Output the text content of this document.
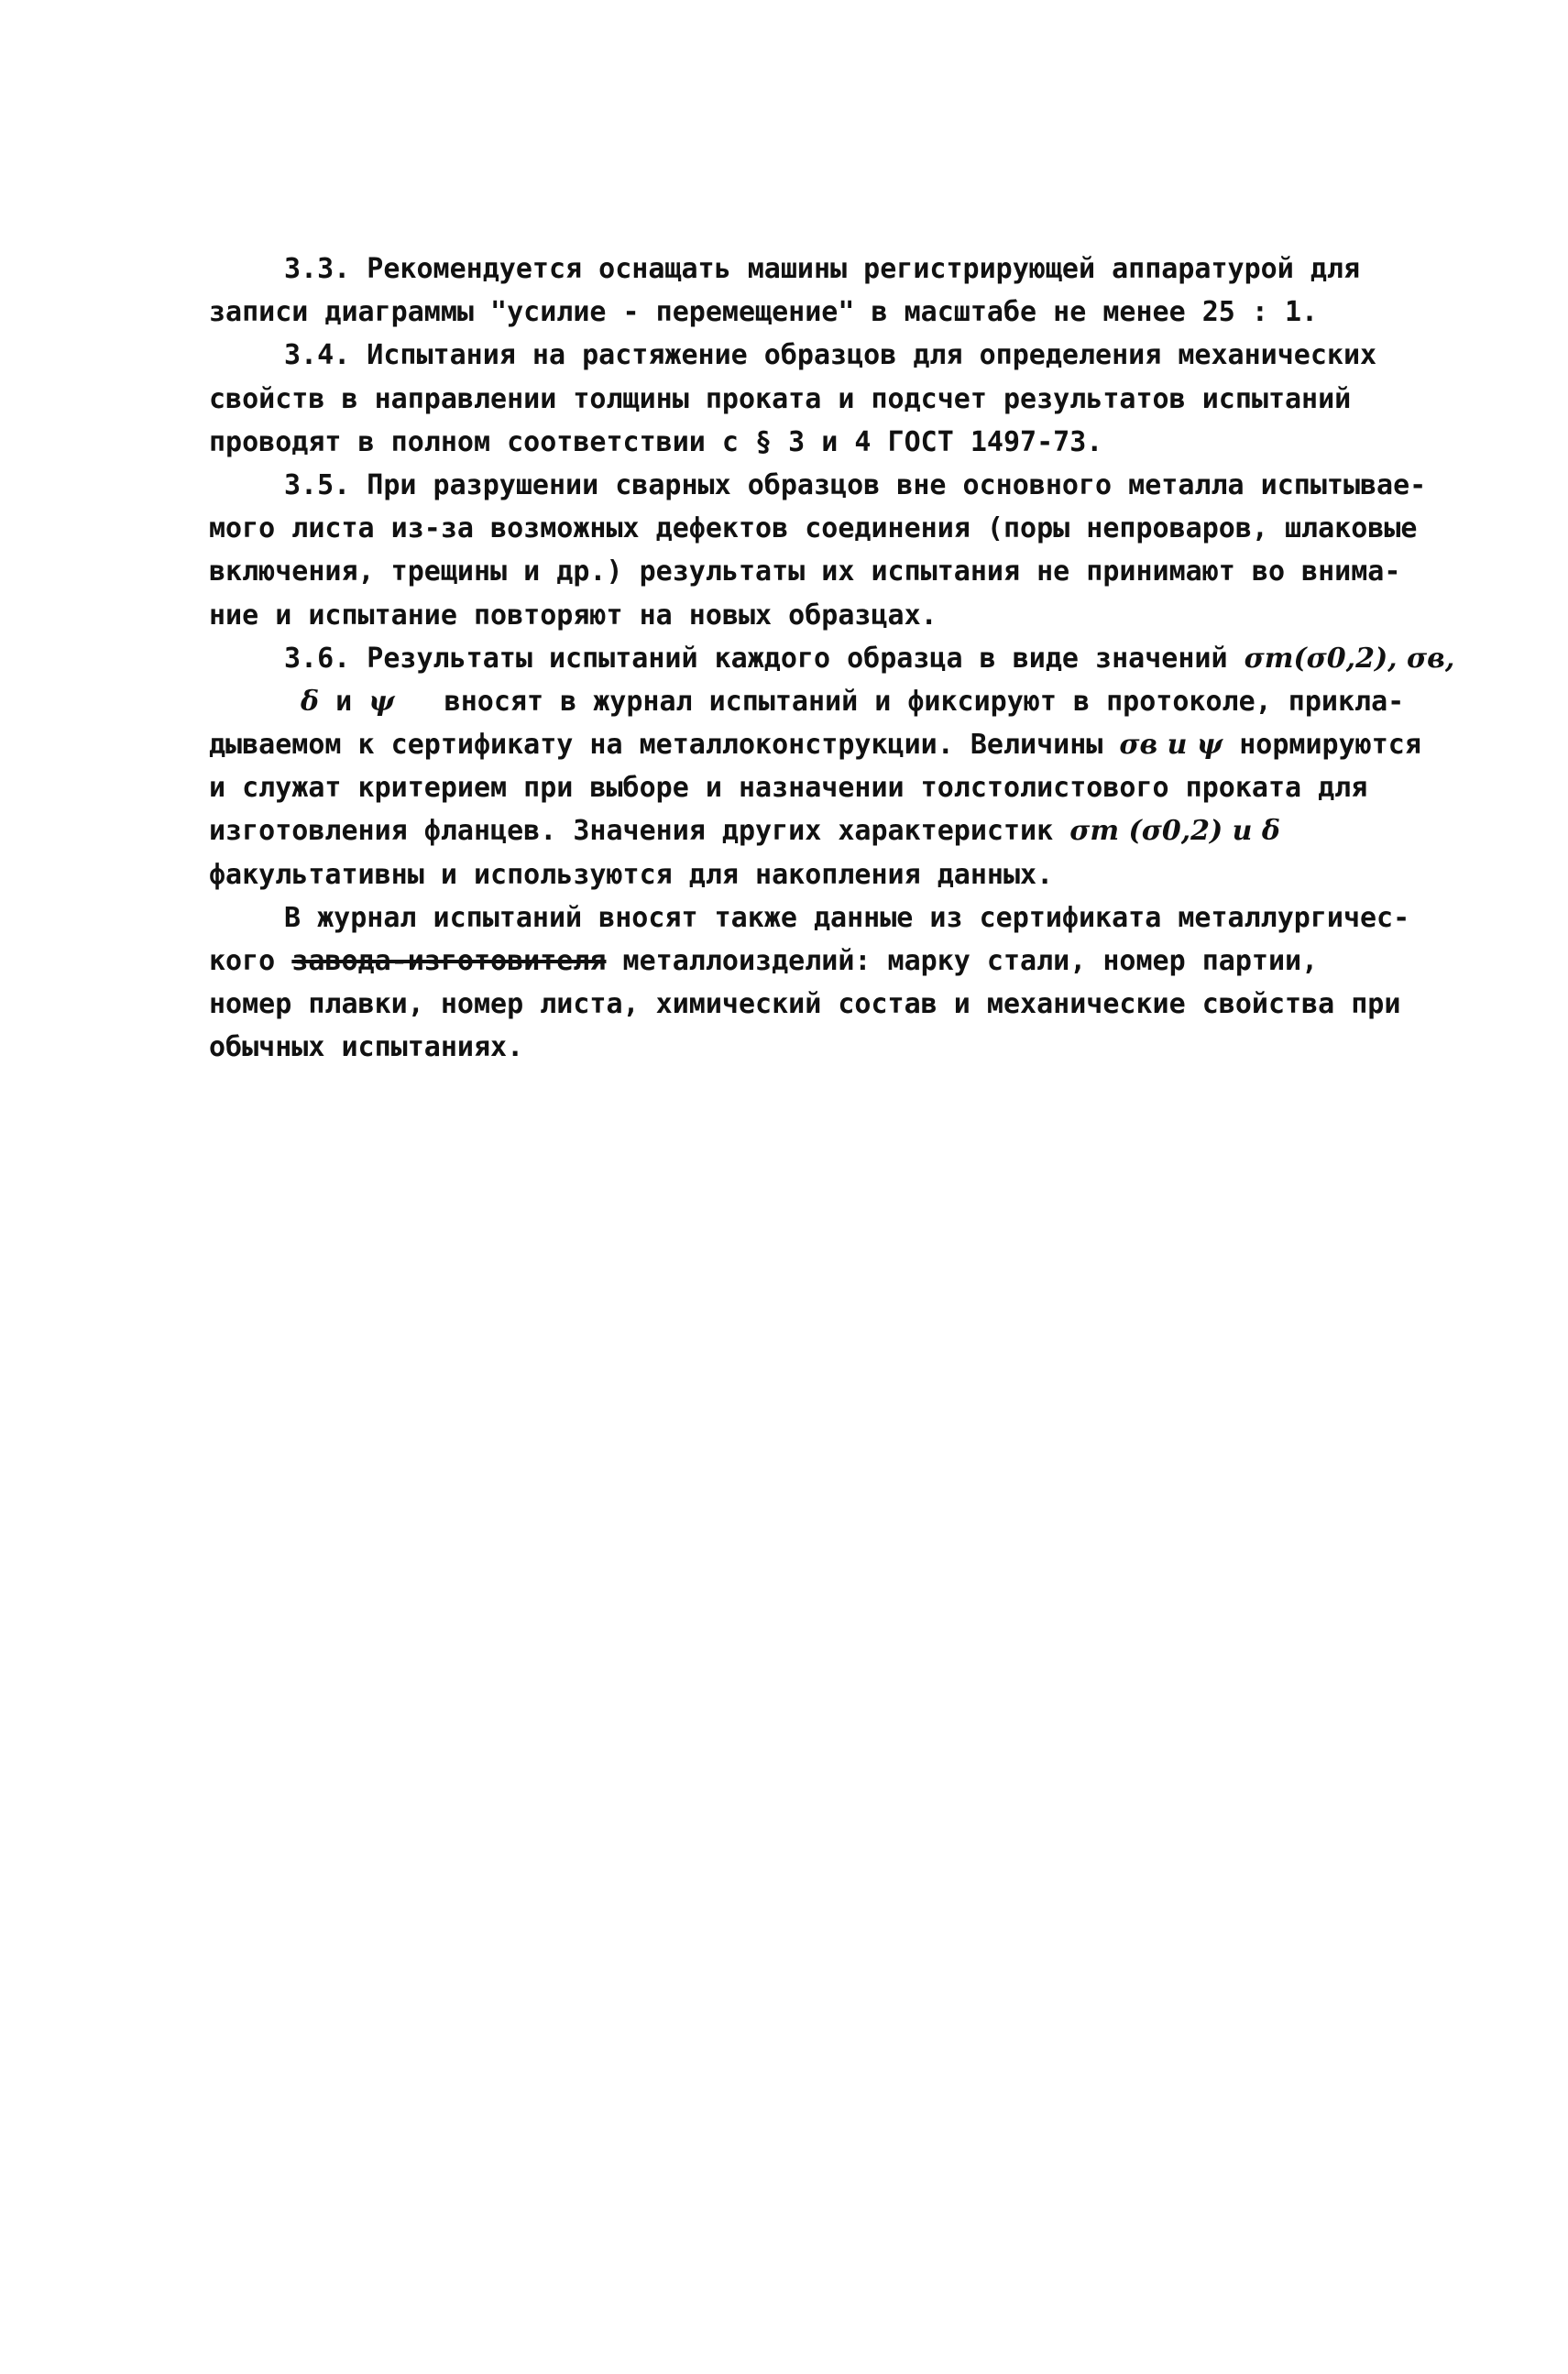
3.3. Рекомендуется оснащать машины регистрирующей аппаратурой для
записи диаграммы "усилие - перемещение" в масштабе не менее 25 : 1.
3.4. Испытания на растяжение образцов для определения механических
свойств в направлении толщины проката и подсчет результатов испытаний
проводят в полном соответствии с § 3 и 4 ГОСТ 1497-73.
3.5. При разрушении сварных образцов вне основного металла испытывае-
мого листа из-за возможных дефектов соединения (поры непроваров, шлаковые
включения, трещины и др.) результаты их испытания не принимают во внима-
ние и испытание повторяют на новых образцах.
3.6. Результаты испытаний каждого образца в виде значений σт(σ0,2), σв,
δ и ψ   вносят в журнал испытаний и фиксируют в протоколе, прикла-
дываемом к сертификату на металлоконструкции. Величины σв и ψ нормируются
и служат критерием при выборе и назначении толстолистового проката для
изготовления фланцев. Значения других характеристик σт (σ0,2) и δ
факультативны и используются для накопления данных.
В журнал испытаний вносят также данные из сертификата металлургичес-
кого завода-изготовителя металлоизделий: марку стали, номер партии,
номер плавки, номер листа, химический состав и механические свойства при
обычных испытаниях.
